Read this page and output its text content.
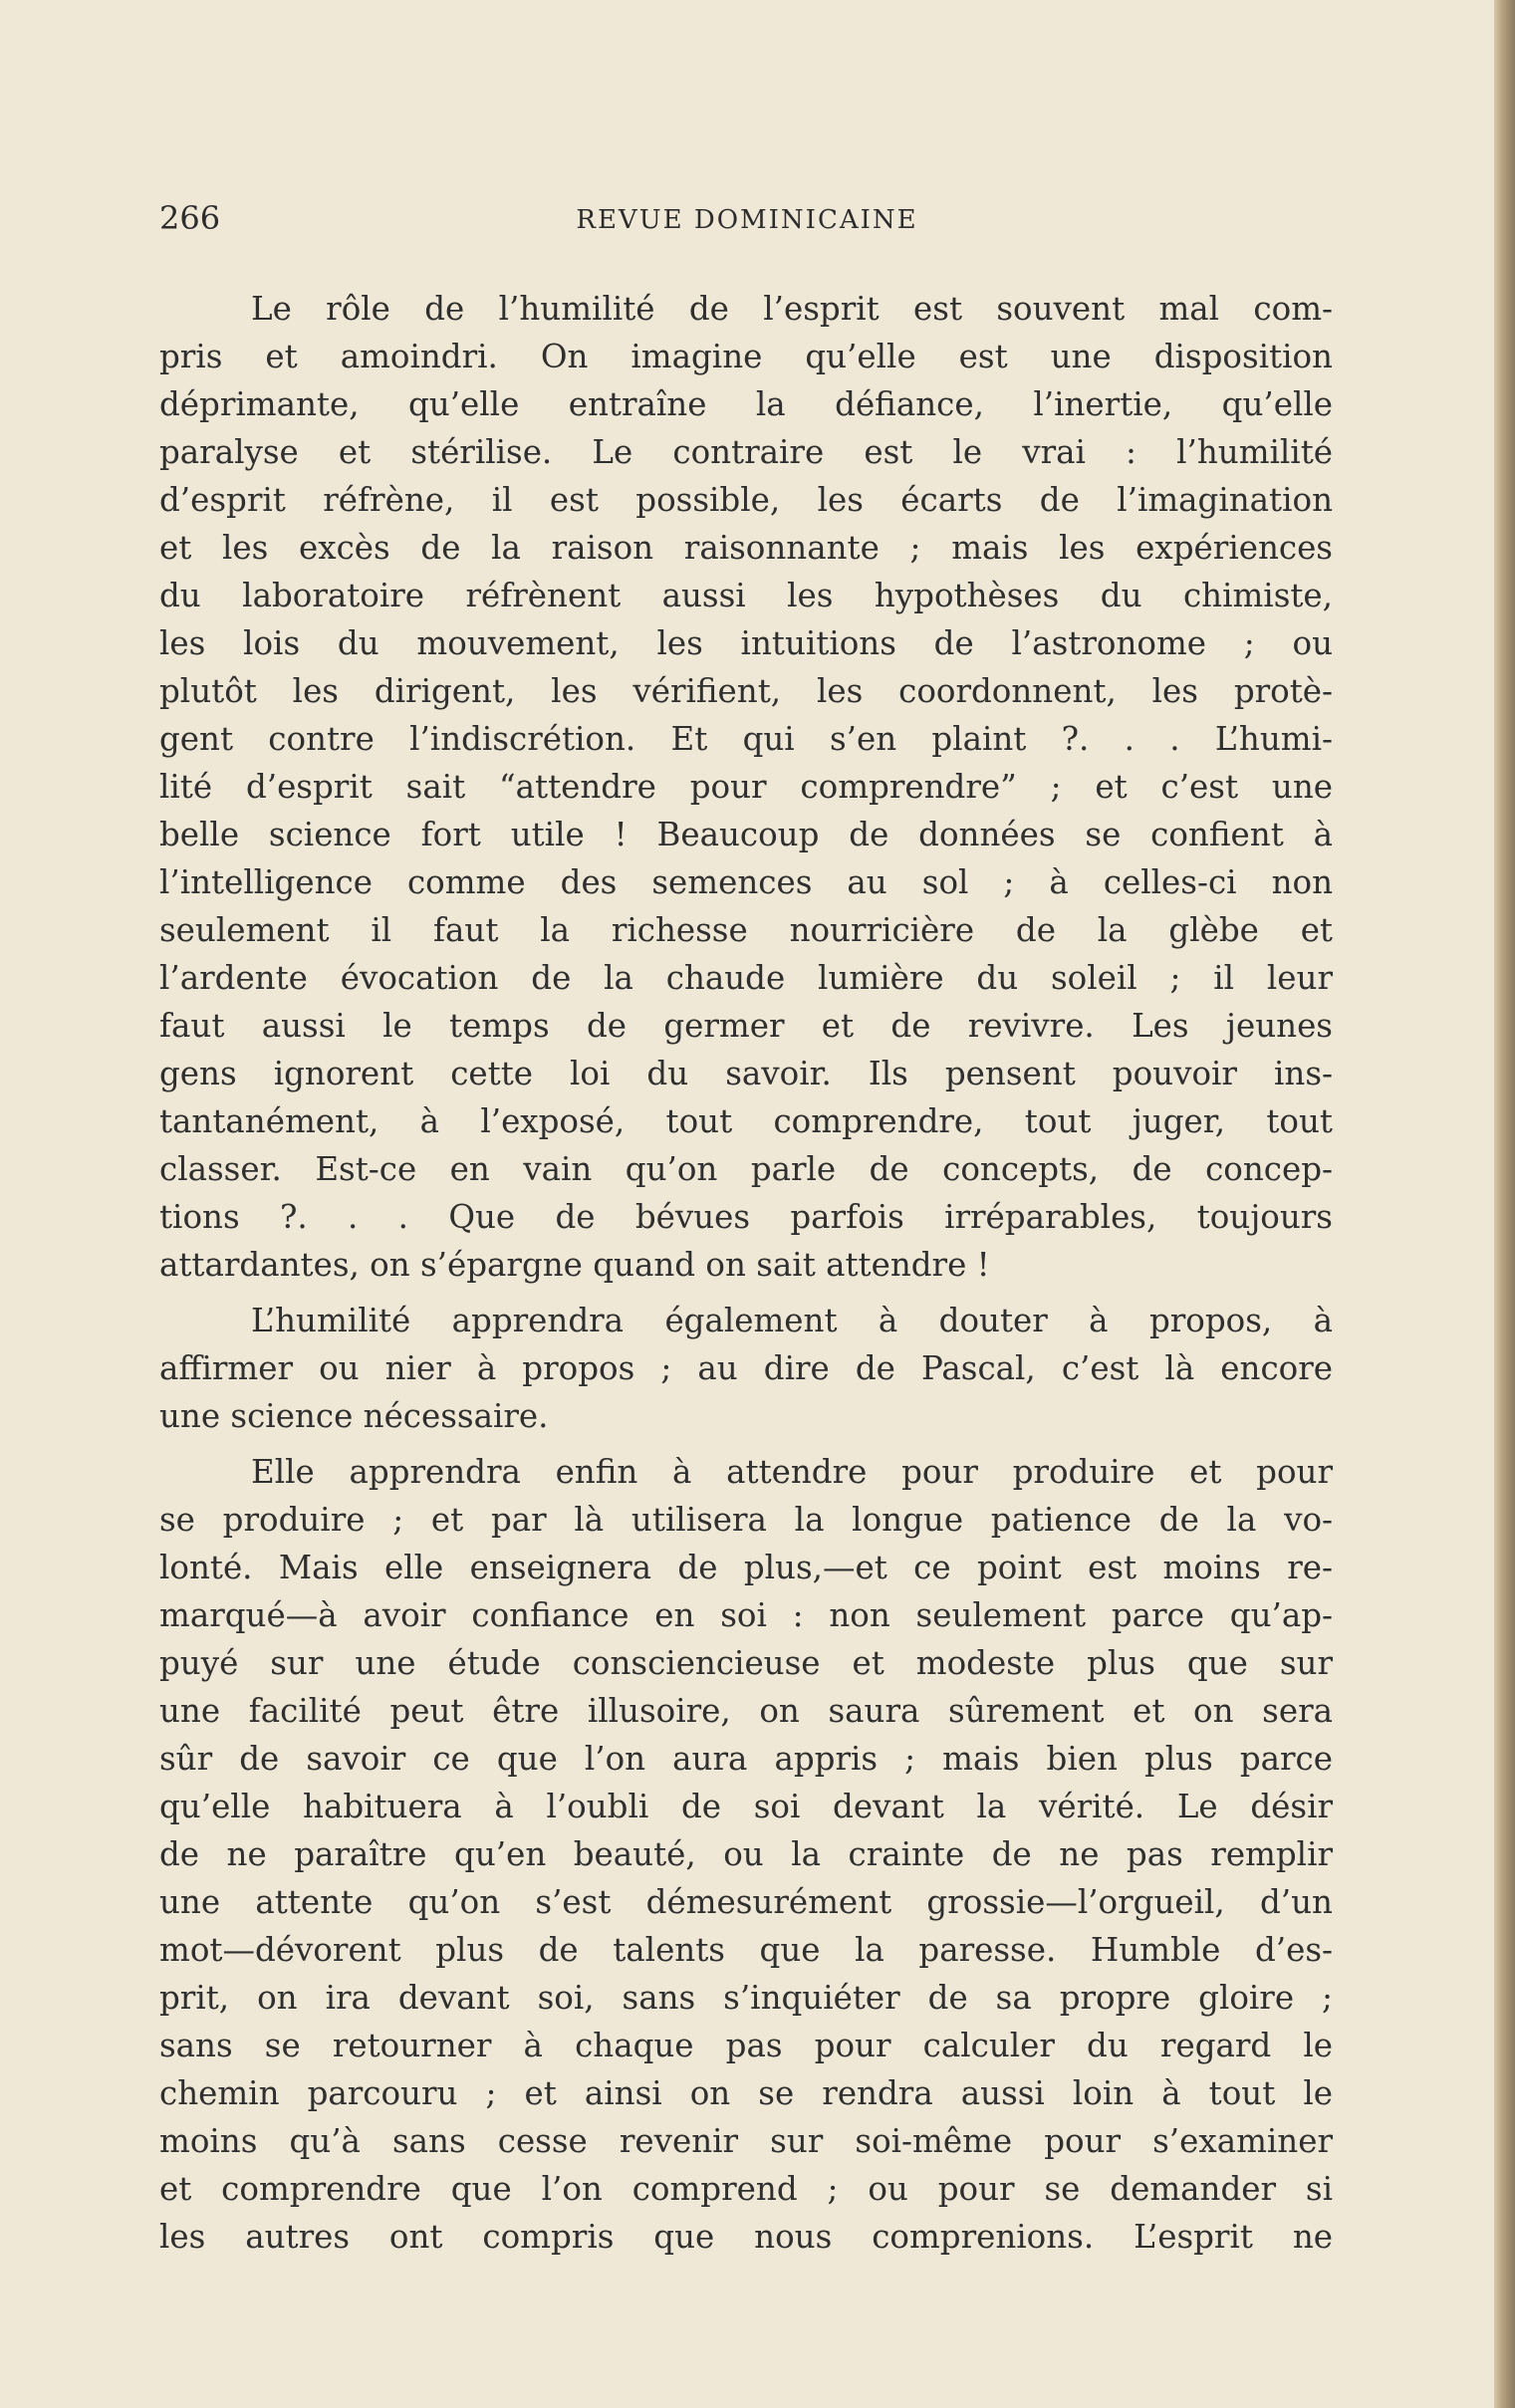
266	REVUE DOMINICAINE
Le rôle de l’humilité de l’esprit est souvent mal com-
pris et amoindri. On imagine qu’elle est une disposition
déprimante, qu’elle entraîne la défiance, l’inertie, qu’elle
paralyse et stérilise. Le contraire est le vrai : l’humilité
d’esprit réfrène, il est possible, les écarts de l’imagination
et les excès de la raison raisonnante ; mais les expériences
du laboratoire réfrènent aussi les hypothèses du chimiste,
les lois du mouvement, les intuitions de l’astronome ; ou
plutôt les dirigent, les vérifient, les coordonnent, les protè-
gent contre l’indiscrétion. Et qui s’en plaint ?. . . L’humi-
lité d’esprit sait “attendre pour comprendre” ; et c’est une
belle science fort utile ! Beaucoup de données se confient à
l’intelligence comme des semences au sol ; à celles-ci non
seulement il faut la richesse nourricière de la glèbe et
l’ardente évocation de la chaude lumière du soleil ; il leur
faut aussi le temps de germer et de revivre. Les jeunes
gens ignorent cette loi du savoir. Ils pensent pouvoir ins-
tantanément, à l’exposé, tout comprendre, tout juger, tout
classer. Est-ce en vain qu’on parle de concepts, de concep-
tions ?. . . Que de bévues parfois irréparables, toujours
attardantes, on s’épargne quand on sait attendre !
L’humilité apprendra également à douter à propos, à
affirmer ou nier à propos ; au dire de Pascal, c’est là encore
une science nécessaire.
Elle apprendra enfin à attendre pour produire et pour
se produire ; et par là utilisera la longue patience de la vo-
lonté. Mais elle enseignera de plus,—et ce point est moins re-
marqué—à avoir confiance en soi : non seulement parce qu’ap-
puyé sur une étude consciencieuse et modeste plus que sur
une facilité peut être illusoire, on saura sûrement et on sera
sûr de savoir ce que l’on aura appris ; mais bien plus parce
qu’elle habituera à l’oubli de soi devant la vérité. Le désir
de ne paraître qu’en beauté, ou la crainte de ne pas remplir
une attente qu’on s’est démesurément grossie—l’orgueil, d’un
mot—dévorent plus de talents que la paresse. Humble d’es-
prit, on ira devant soi, sans s’inquiéter de sa propre gloire ;
sans se retourner à chaque pas pour calculer du regard le
chemin parcouru ; et ainsi on se rendra aussi loin à tout le
moins qu’à sans cesse revenir sur soi-même pour s’examiner
et comprendre que l’on comprend ; ou pour se demander si
les autres ont compris que nous comprenions. L’esprit ne
